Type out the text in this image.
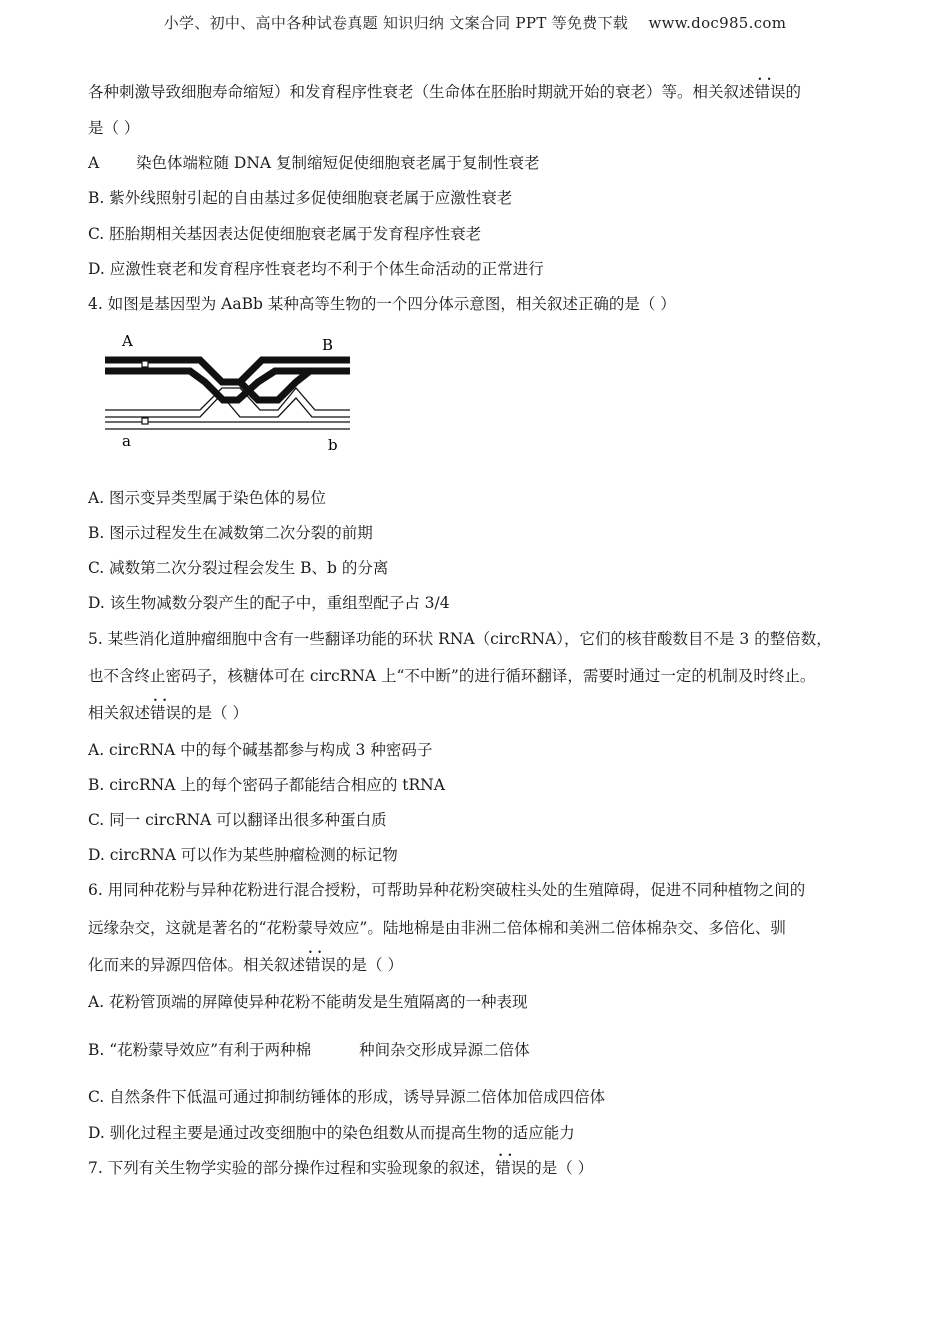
小学、初中、高中各种试卷真题 知识归纳 文案合同 PPT 等免费下载    www.doc985.com
各种刺激导致细胞寿命缩短）和发育程序性衰老（生命体在胚胎时期就开始的衰老）等。相关叙述• • 错误的
是（ ）
A 染色体端粒随 DNA 复制缩短促使细胞衰老属于复制性衰老
B. 紫外线照射引起的自由基过多促使细胞衰老属于应激性衰老
C. 胚胎期相关基因表达促使细胞衰老属于发育程序性衰老
D. 应激性衰老和发育程序性衰老均不利于个体生命活动的正常进行
4. 如图是基因型为 AaBb 某种高等生物的一个四分体示意图，相关叙述正确的是（ ）
A	B
a	b
A. 图示变异类型属于染色体的易位
B. 图示过程发生在减数第二次分裂的前期
C. 减数第二次分裂过程会发生 B、b 的分离
D. 该生物减数分裂产生的配子中，重组型配子占 3/4
5. 某些消化道肿瘤细胞中含有一些翻译功能的环状 RNA（circRNA），它们的核苷酸数目不是 3 的整倍数，
也不含终止密码子，核糖体可在 circRNA 上“不中断”的进行循环翻译，需要时通过一定的机制及时终止。
相关叙述• • 错误的是（ ）
A. circRNA 中的每个碱基都参与构成 3 种密码子
B. circRNA 上的每个密码子都能结合相应的 tRNA
C. 同一 circRNA 可以翻译出很多种蛋白质
D. circRNA 可以作为某些肿瘤检测的标记物
6. 用同种花粉与异种花粉进行混合授粉，可帮助异种花粉突破柱头处的生殖障碍，促进不同种植物之间的
远缘杂交，这就是著名的“花粉蒙导效应”。陆地棉是由非洲二倍体棉和美洲二倍体棉杂交、多倍化、驯
化而来的异源四倍体。相关叙述• • 错误的是（ ）
A. 花粉管顶端的屏障使异种花粉不能萌发是生殖隔离的一种表现
B. “花粉蒙导效应”有利于两种棉	种间杂交形成异源二倍体
C. 自然条件下低温可通过抑制纺锤体的形成，诱导异源二倍体加倍成四倍体
D. 驯化过程主要是通过改变细胞中的染色组数从而提高生物的适应能力
7. 下列有关生物学实验的部分操作过程和实验现象的叙述，• • 错误的是（ ）
